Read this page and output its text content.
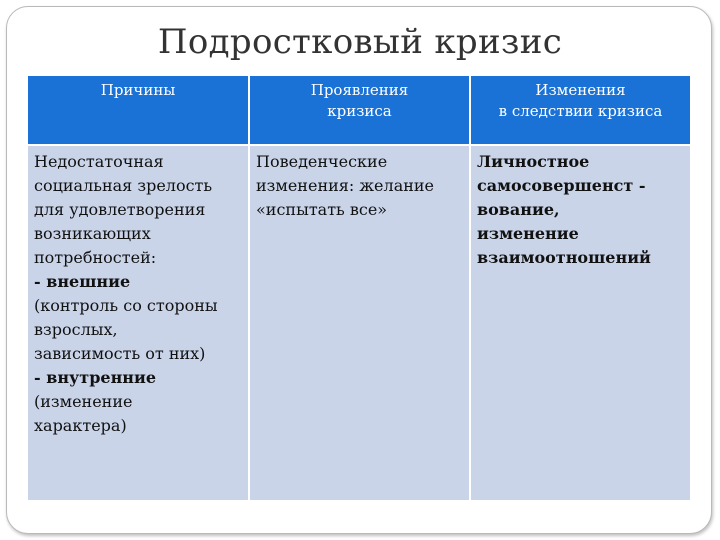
Подростковый кризис
Причины	Проявления
кризиса
Изменения
в следствии кризиса
Недостаточная
социальная зрелость
для удовлетворения
возникающих
потребностей:
- внешние
(контроль со стороны
взрослых,
зависимость от них)
- внутренние
(изменение
характера)
Поведенческие
изменения: желание
«испытать все»
Личностное
самосовершенст -
вование,
изменение
взаимоотношений
